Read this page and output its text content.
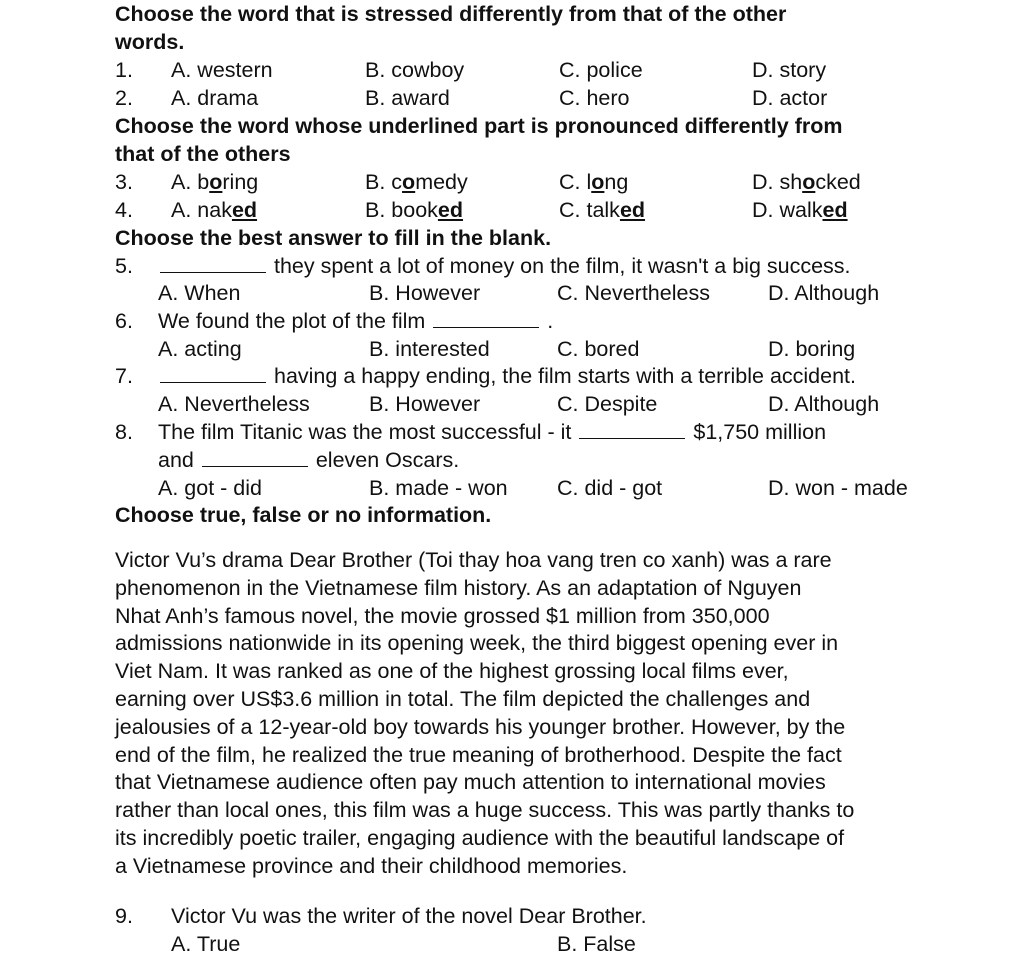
Choose the word that is stressed differently from that of the other
words.
1. A. western	B. cowboy	C. police	D. story
2. A. drama	B. award	C. hero	D. actor
Choose the word whose underlined part is pronounced differently from
that of the others
3. A. boring	B. comedy	C. long	D. shocked
4. A. naked	B. booked	C. talked	D. walked
Choose the best answer to fill in the blank.
5.	they spent a lot of money on the film, it wasn't a big success.
A. When	B. However	C. Nevertheless	D. Although
6. We found the plot of the film	.
A. acting	B. interested	C. bored	D. boring
7.	having a happy ending, the film starts with a terrible accident.
A. Nevertheless	B. However	C. Despite	D. Although
8. The film Titanic was the most successful - it	$1,750 million
and	eleven Oscars.
A. got - did	B. made - won C. did - got	D. won - made
Choose true, false or no information.
Victor Vu’s drama Dear Brother (Toi thay hoa vang tren co xanh) was a rare
phenomenon in the Vietnamese film history. As an adaptation of Nguyen
Nhat Anh’s famous novel, the movie grossed $1 million from 350,000
admissions nationwide in its opening week, the third biggest opening ever in
Viet Nam. It was ranked as one of the highest grossing local films ever,
earning over US$3.6 million in total. The film depicted the challenges and
jealousies of a 12-year-old boy towards his younger brother. However, by the
end of the film, he realized the true meaning of brotherhood. Despite the fact
that Vietnamese audience often pay much attention to international movies
rather than local ones, this film was a huge success. This was partly thanks to
its incredibly poetic trailer, engaging audience with the beautiful landscape of
a Vietnamese province and their childhood memories.
9. Victor Vu was the writer of the novel Dear Brother.
A. True	B. False
